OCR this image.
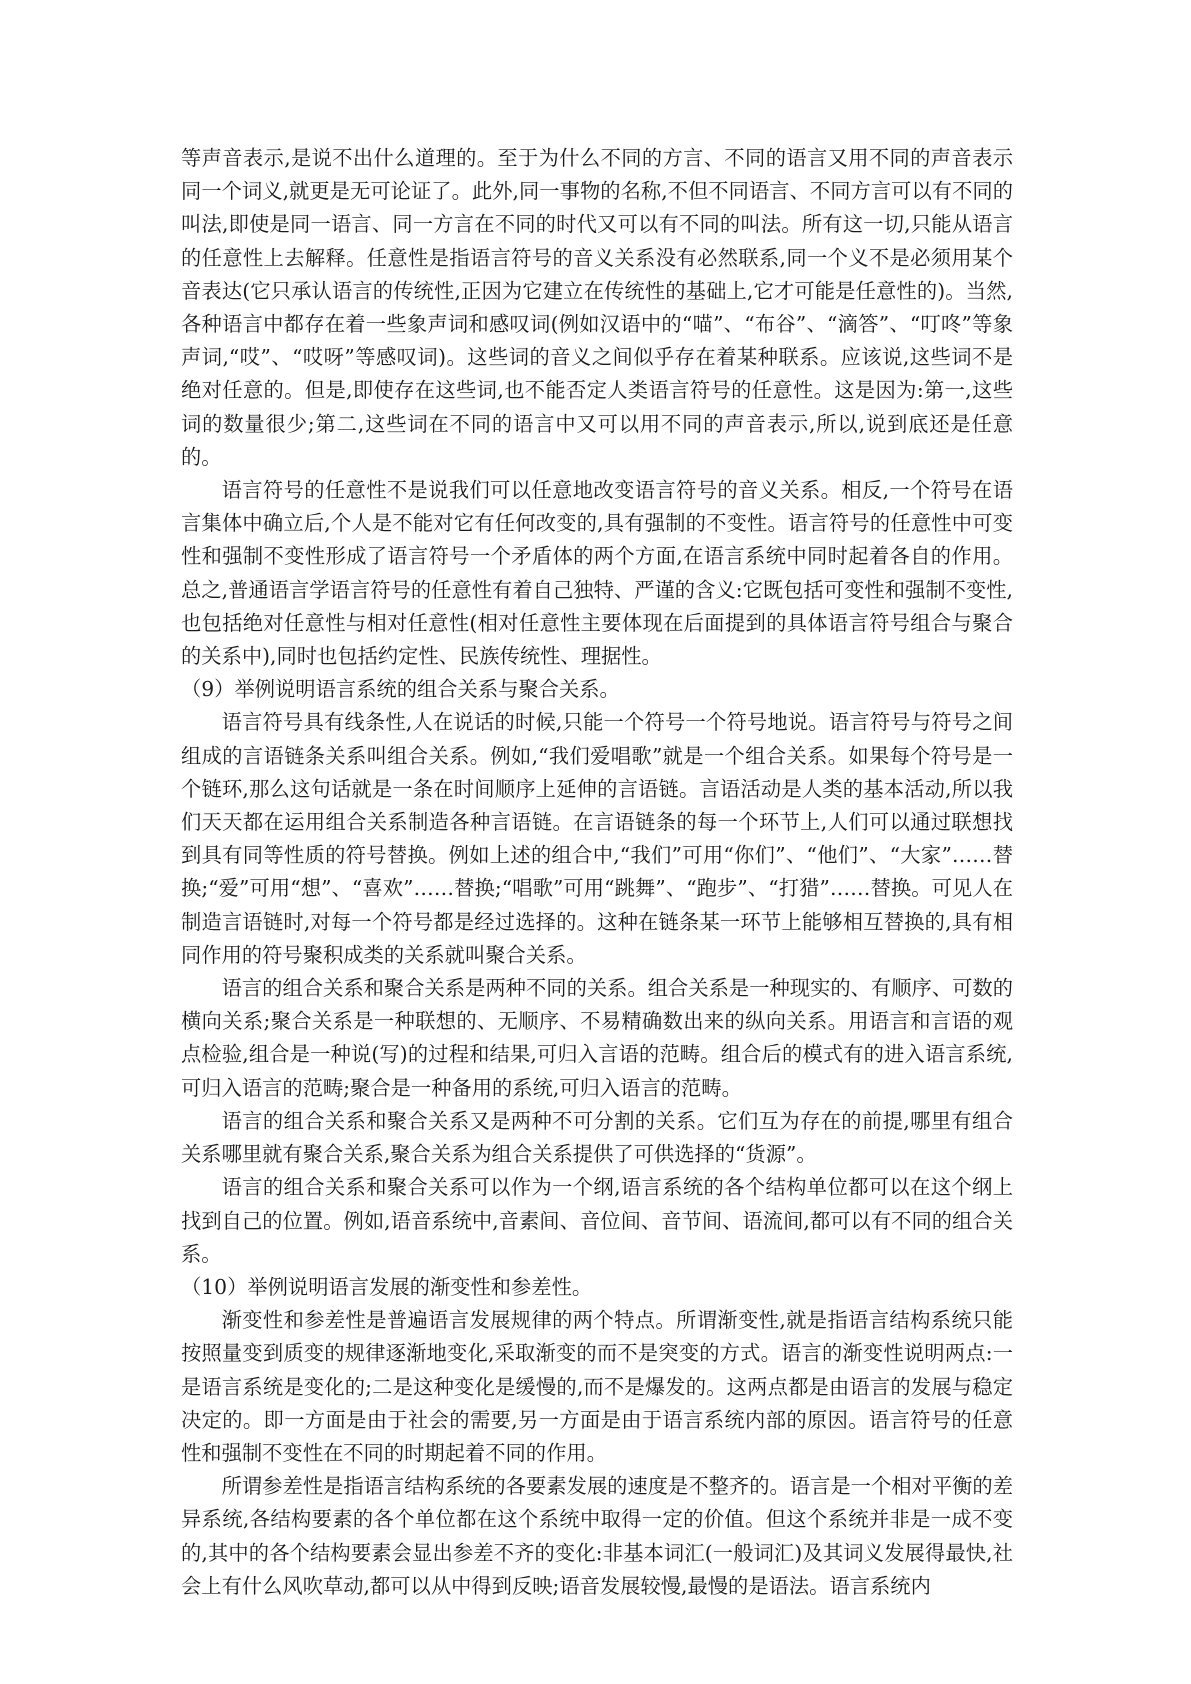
等声音表示,是说不出什么道理的。至于为什么不同的方言、不同的语言又用不同的声音表示同一个词义,就更是无可论证了。此外,同一事物的名称,不但不同语言、不同方言可以有不同的叫法,即使是同一语言、同一方言在不同的时代又可以有不同的叫法。所有这一切,只能从语言的任意性上去解释。任意性是指语言符号的音义关系没有必然联系,同一个义不是必须用某个音表达(它只承认语言的传统性,正因为它建立在传统性的基础上,它才可能是任意性的)。当然,各种语言中都存在着一些象声词和感叹词(例如汉语中的“喵”、“布谷”、“滴答”、“叮咚”等象声词,“哎”、“哎呀”等感叹词)。这些词的音义之间似乎存在着某种联系。应该说,这些词不是绝对任意的。但是,即使存在这些词,也不能否定人类语言符号的任意性。这是因为:第一,这些词的数量很少;第二,这些词在不同的语言中又可以用不同的声音表示,所以,说到底还是任意的。

语言符号的任意性不是说我们可以任意地改变语言符号的音义关系。相反,一个符号在语言集体中确立后,个人是不能对它有任何改变的,具有强制的不变性。语言符号的任意性中可变性和强制不变性形成了语言符号一个矛盾体的两个方面,在语言系统中同时起着各自的作用。总之,普通语言学语言符号的任意性有着自己独特、严谨的含义:它既包括可变性和强制不变性,也包括绝对任意性与相对任意性(相对任意性主要体现在后面提到的具体语言符号组合与聚合的关系中),同时也包括约定性、民族传统性、理据性。

（9）举例说明语言系统的组合关系与聚合关系。

语言符号具有线条性,人在说话的时候,只能一个符号一个符号地说。语言符号与符号之间组成的言语链条关系叫组合关系。例如,“我们爱唱歌”就是一个组合关系。如果每个符号是一个链环,那么这句话就是一条在时间顺序上延伸的言语链。言语活动是人类的基本活动,所以我们天天都在运用组合关系制造各种言语链。在言语链条的每一个环节上,人们可以通过联想找到具有同等性质的符号替换。例如上述的组合中,“我们”可用“你们”、“他们”、“大家”……替换;“爱”可用“想”、“喜欢”……替换;“唱歌”可用“跳舞”、“跑步”、“打猎”……替换。可见人在制造言语链时,对每一个符号都是经过选择的。这种在链条某一环节上能够相互替换的,具有相同作用的符号聚积成类的关系就叫聚合关系。

语言的组合关系和聚合关系是两种不同的关系。组合关系是一种现实的、有顺序、可数的横向关系;聚合关系是一种联想的、无顺序、不易精确数出来的纵向关系。用语言和言语的观点检验,组合是一种说(写)的过程和结果,可归入言语的范畴。组合后的模式有的进入语言系统,可归入语言的范畴;聚合是一种备用的系统,可归入语言的范畴。

语言的组合关系和聚合关系又是两种不可分割的关系。它们互为存在的前提,哪里有组合关系哪里就有聚合关系,聚合关系为组合关系提供了可供选择的“货源”。

语言的组合关系和聚合关系可以作为一个纲,语言系统的各个结构单位都可以在这个纲上找到自己的位置。例如,语音系统中,音素间、音位间、音节间、语流间,都可以有不同的组合关系。

（10）举例说明语言发展的渐变性和参差性。

渐变性和参差性是普遍语言发展规律的两个特点。所谓渐变性,就是指语言结构系统只能按照量变到质变的规律逐渐地变化,采取渐变的而不是突变的方式。语言的渐变性说明两点:一是语言系统是变化的;二是这种变化是缓慢的,而不是爆发的。这两点都是由语言的发展与稳定决定的。即一方面是由于社会的需要,另一方面是由于语言系统内部的原因。语言符号的任意性和强制不变性在不同的时期起着不同的作用。

所谓参差性是指语言结构系统的各要素发展的速度是不整齐的。语言是一个相对平衡的差异系统,各结构要素的各个单位都在这个系统中取得一定的价值。但这个系统并非是一成不变的,其中的各个结构要素会显出参差不齐的变化:非基本词汇(一般词汇)及其词义发展得最快,社会上有什么风吹草动,都可以从中得到反映;语音发展较慢,最慢的是语法。语言系统内
